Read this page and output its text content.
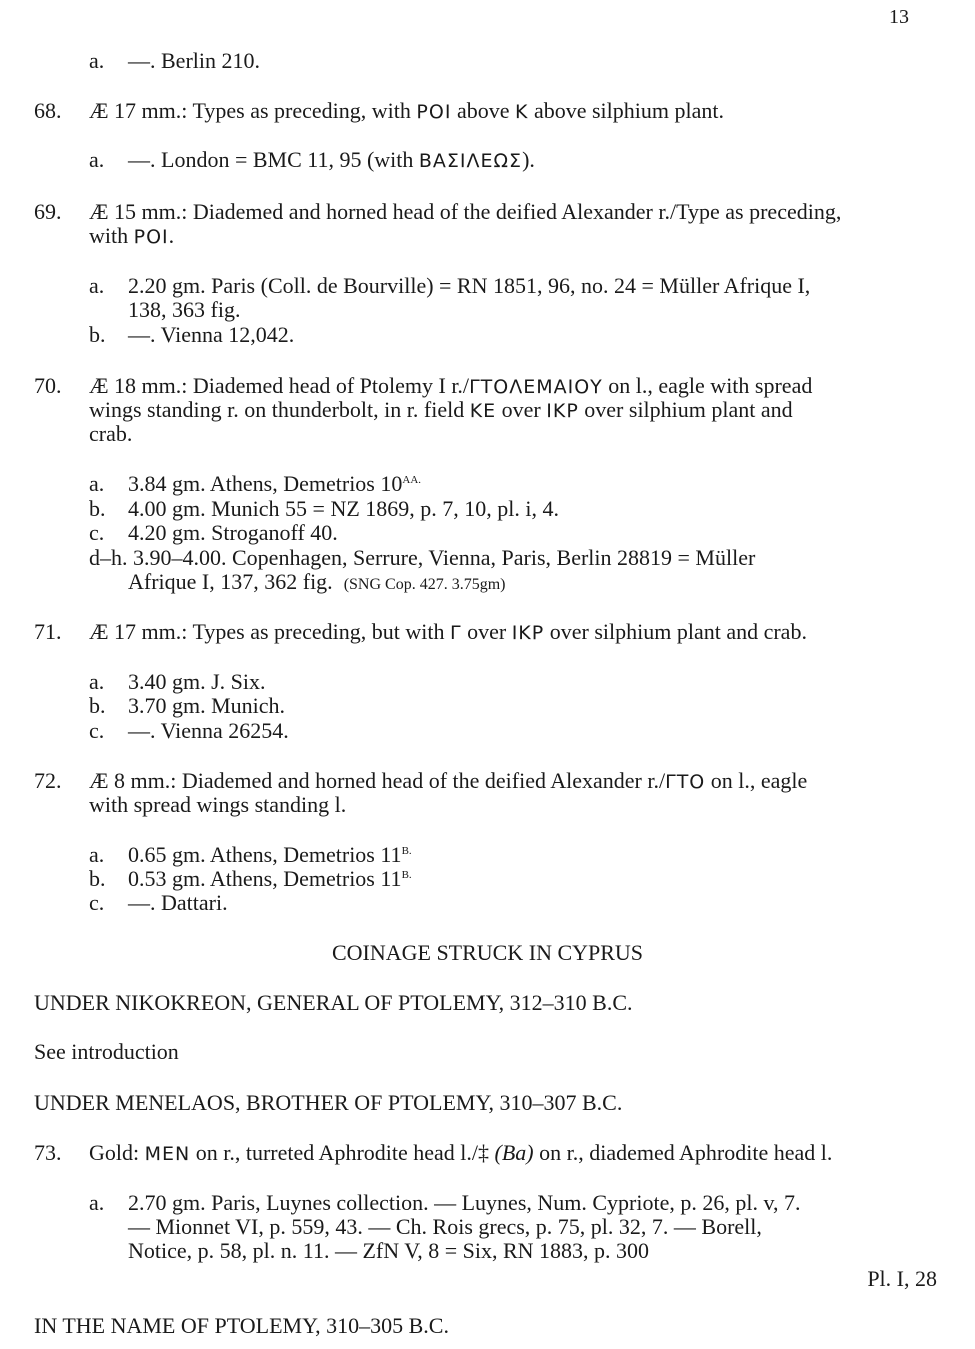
13
a.	—. Berlin 210.
68.	Æ 17 mm.: Types as preceding, with ΡΟΙ above Κ above silphium plant.
a.	—. London = BMC 11, 95 (with ΒΑΣΙΛΕΩΣ).
69.	Æ 15 mm.: Diademed and horned head of the deified Alexander r./Type as preceding,
with ΡΟΙ.
a.	2.20 gm. Paris (Coll. de Bourville) = RN 1851, 96, no. 24 = Müller Afrique I,
138, 363 fig.
b.	—. Vienna 12,042.
70.	Æ 18 mm.: Diademed head of Ptolemy I r./ΓΤΟΛΕΜΑΙΟΥ on l., eagle with spread
wings standing r. on thunderbolt, in r. field ΚΕ over ΙΚΡ over silphium plant and
crab.
a.	3.84 gm. Athens, Demetrios $10^{AA.}$
b.	4.00 gm. Munich 55 = NZ 1869, p. 7, 10, pl. i, 4.
c.	4.20 gm. Stroganoff 40.
d–h. 3.90–4.00. Copenhagen, Serrure, Vienna, Paris, Berlin 28819 = Müller
Afrique I, 137, 362 fig. (SNG Cop. 427. 3.75gm)
71.	Æ 17 mm.: Types as preceding, but with Γ over ΙΚΡ over silphium plant and crab.
a.	3.40 gm. J. Six.
b.	3.70 gm. Munich.
c.	—. Vienna 26254.
72.	Æ 8 mm.: Diademed and horned head of the deified Alexander r./ΓΤΟ on l., eagle
with spread wings standing l.
a.	0.65 gm. Athens, Demetrios $11^{B.}$
b.	0.53 gm. Athens, Demetrios $11^{B.}$
c.	—. Dattari.
COINAGE STRUCK IN CYPRUS
UNDER NIKOKREON, GENERAL OF PTOLEMY, 312–310 B.C.
See introduction
UNDER MENELAOS, BROTHER OF PTOLEMY, 310–307 B.C.
73.	Gold: ΜΕΝ on r., turreted Aphrodite head l./‡ (Ba) on r., diademed Aphrodite head l.
a.	2.70 gm. Paris, Luynes collection. — Luynes, Num. Cypriote, p. 26, pl. v, 7.
— Mionnet VI, p. 559, 43. — Ch. Rois grecs, p. 75, pl. 32, 7. — Borell,
Notice, p. 58, pl. n. 11. — ZfN V, 8 = Six, RN 1883, p. 300
Pl. I, 28
IN THE NAME OF PTOLEMY, 310–305 B.C.
